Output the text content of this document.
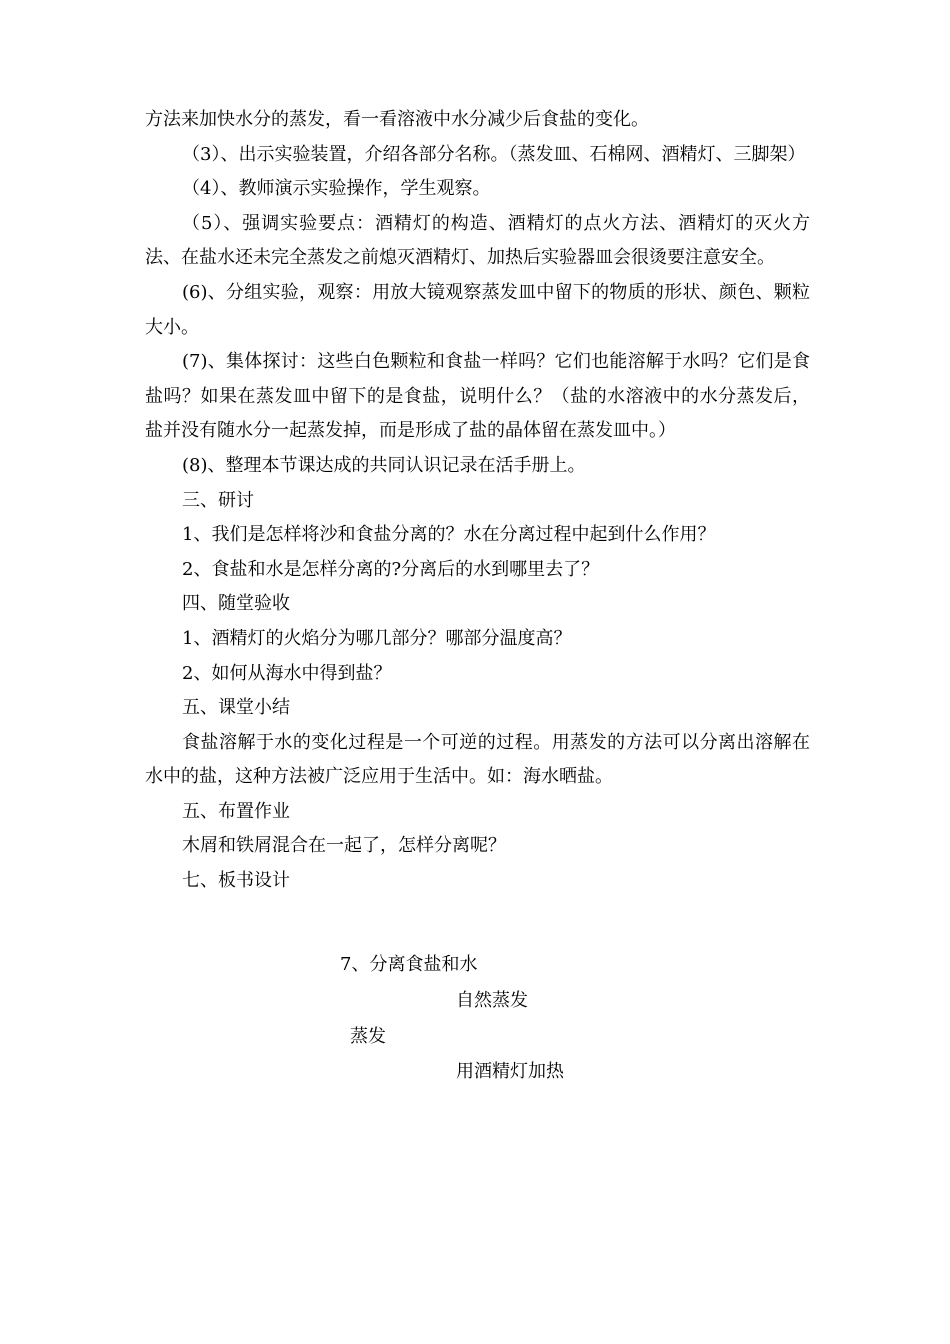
方法来加快水分的蒸发，看一看溶液中水分减少后食盐的变化。

（3）、出示实验装置，介绍各部分名称。（蒸发皿、石棉网、酒精灯、三脚架）

（4）、教师演示实验操作，学生观察。

（5）、强调实验要点：酒精灯的构造、酒精灯的点火方法、酒精灯的灭火方法、在盐水还未完全蒸发之前熄灭酒精灯、加热后实验器皿会很烫要注意安全。

(6)、分组实验，观察：用放大镜观察蒸发皿中留下的物质的形状、颜色、颗粒大小。

(7)、集体探讨：这些白色颗粒和食盐一样吗？它们也能溶解于水吗？它们是食盐吗？如果在蒸发皿中留下的是食盐，说明什么？（盐的水溶液中的水分蒸发后，盐并没有随水分一起蒸发掉，而是形成了盐的晶体留在蒸发皿中。）

(8)、整理本节课达成的共同认识记录在活手册上。

三、研讨

1、我们是怎样将沙和食盐分离的？水在分离过程中起到什么作用？

2、食盐和水是怎样分离的?分离后的水到哪里去了？

四、随堂验收

1、酒精灯的火焰分为哪几部分？哪部分温度高？

2、如何从海水中得到盐？

五、课堂小结

食盐溶解于水的变化过程是一个可逆的过程。用蒸发的方法可以分离出溶解在水中的盐，这种方法被广泛应用于生活中。如：海水晒盐。

五、布置作业

木屑和铁屑混合在一起了，怎样分离呢？

七、板书设计

7、分离食盐和水
自然蒸发
蒸发
用酒精灯加热
